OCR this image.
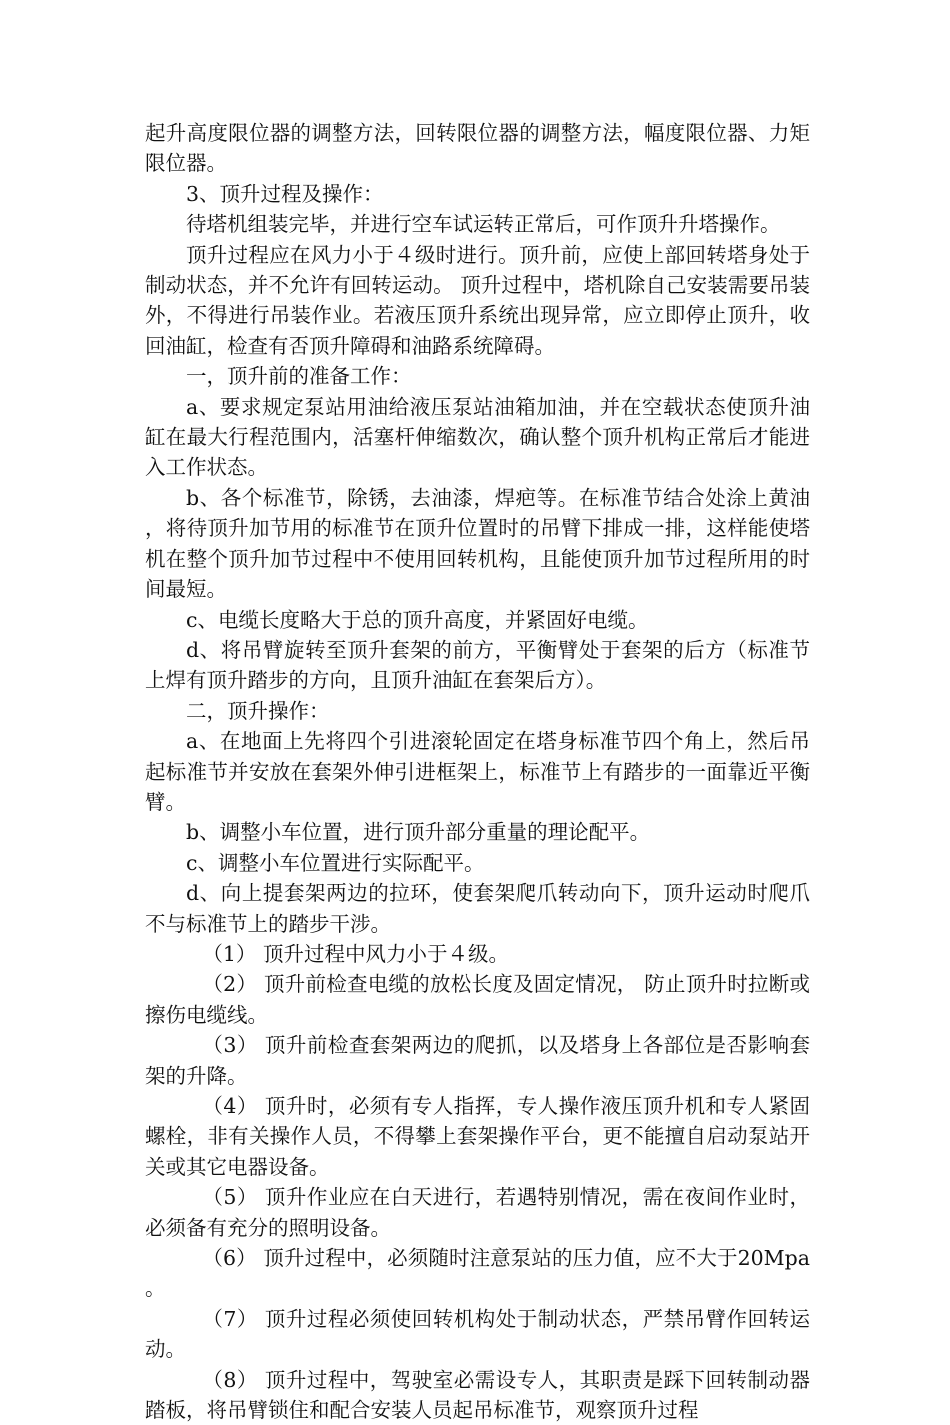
起升高度限位器的调整方法，回转限位器的调整方法，幅度限位器、力矩限位器。

3、顶升过程及操作：

待塔机组装完毕，并进行空车试运转正常后，可作顶升升塔操作。

顶升过程应在风力小于４级时进行。顶升前，应使上部回转塔身处于制动状态，并不允许有回转运动。 顶升过程中，塔机除自己安装需要吊装外，不得进行吊装作业。若液压顶升系统出现异常，应立即停止顶升，收回油缸，检查有否顶升障碍和油路系统障碍。

一，顶升前的准备工作：

a、要求规定泵站用油给液压泵站油箱加油，并在空载状态使顶升油缸在最大行程范围内，活塞杆伸缩数次，确认整个顶升机构正常后才能进入工作状态。

b、各个标准节，除锈，去油漆，焊疤等。在标准节结合处涂上黄油，将待顶升加节用的标准节在顶升位置时的吊臂下排成一排，这样能使塔机在整个顶升加节过程中不使用回转机构，且能使顶升加节过程所用的时间最短。

c、电缆长度略大于总的顶升高度，并紧固好电缆。

d、将吊臂旋转至顶升套架的前方，平衡臂处于套架的后方（标准节上焊有顶升踏步的方向，且顶升油缸在套架后方）。

二，顶升操作：

a、在地面上先将四个引进滚轮固定在塔身标准节四个角上，然后吊起标准节并安放在套架外伸引进框架上，标准节上有踏步的一面靠近平衡臂。

b、调整小车位置，进行顶升部分重量的理论配平。

c、调整小车位置进行实际配平。

d、向上提套架两边的拉环，使套架爬爪转动向下，顶升运动时爬爪不与标准节上的踏步干涉。

（1） 顶升过程中风力小于４级。

（2） 顶升前检查电缆的放松长度及固定情况， 防止顶升时拉断或擦伤电缆线。

（3） 顶升前检查套架两边的爬抓，以及塔身上各部位是否影响套架的升降。

（4） 顶升时，必须有专人指挥，专人操作液压顶升机和专人紧固螺栓，非有关操作人员，不得攀上套架操作平台，更不能擅自启动泵站开关或其它电器设备。

（5） 顶升作业应在白天进行，若遇特别情况，需在夜间作业时，必须备有充分的照明设备。

（6） 顶升过程中，必须随时注意泵站的压力值，应不大于20Mpa。

（7） 顶升过程必须使回转机构处于制动状态，严禁吊臂作回转运动。

（8） 顶升过程中，驾驶室必需设专人，其职责是踩下回转制动器踏板，将吊臂锁住和配合安装人员起吊标准节，观察顶升过程
